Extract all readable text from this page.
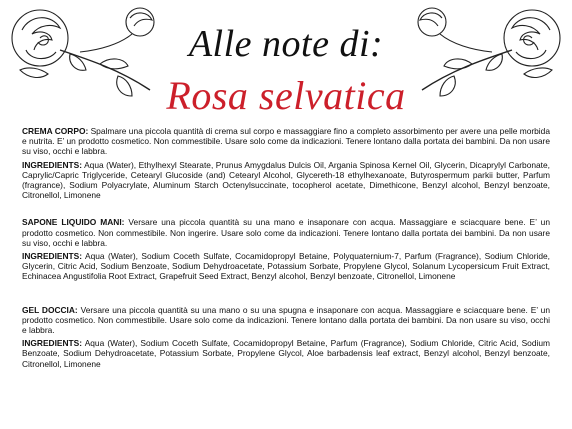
Alle note di:
Rosa selvatica

CREMA CORPO: Spalmare una piccola quantità di crema sul corpo e massaggiare fino a completo assorbimento per avere una pelle morbida e nutrita. E’ un prodotto cosmetico. Non commestibile. Usare solo come da indicazioni. Tenere lontano dalla portata dei bambini. Da non usare su viso, occhi e labbra.

INGREDIENTS: Aqua (Water), Ethylhexyl Stearate, Prunus Amygdalus Dulcis Oil, Argania Spinosa Kernel Oil, Glycerin, Dicaprylyl Carbonate, Caprylic/Capric Triglyceride, Cetearyl Glucoside (and) Cetearyl Alcohol, Glycereth-18 ethylhexanoate, Butyrospermum parkii butter, Parfum (fragrance), Sodium Polyacrylate, Aluminum Starch Octenylsuccinate, tocopherol acetate, Dimethicone, Benzyl alcohol, Benzyl benzoate, Citronellol, Limonene

SAPONE LIQUIDO MANI: Versare una piccola quantità su una mano e insaponare con acqua. Massaggiare e sciacquare bene. E’ un prodotto cosmetico. Non commestibile. Non ingerire. Usare solo come da indicazioni. Tenere lontano dalla portata dei bambini. Da non usare su viso, occhi e labbra.

INGREDIENTS: Aqua (Water), Sodium Coceth Sulfate, Cocamidopropyl Betaine, Polyquaternium-7, Parfum (Fragrance), Sodium Chloride, Glycerin, Citric Acid, Sodium Benzoate, Sodium Dehydroacetate, Potassium Sorbate, Propylene Glycol, Solanum Lycopersicum Fruit Extract, Echinacea Angustifolia Root Extract, Grapefruit Seed Extract, Benzyl alcohol, Benzyl benzoate, Citronellol, Limonene

GEL DOCCIA: Versare una piccola quantità su una mano o su una spugna e insaponare con acqua. Massaggiare e sciacquare bene. E’ un prodotto cosmetico. Non commestibile. Usare solo come da indicazioni. Tenere lontano dalla portata dei bambini. Da non usare su viso, occhi e labbra.

INGREDIENTS: Aqua (Water), Sodium Coceth Sulfate, Cocamidopropyl Betaine, Parfum (Fragrance), Sodium Chloride, Citric Acid, Sodium Benzoate, Sodium Dehydroacetate, Potassium Sorbate, Propylene Glycol, Aloe barbadensis leaf extract, Benzyl alcohol, Benzyl benzoate, Citronellol, Limonene
